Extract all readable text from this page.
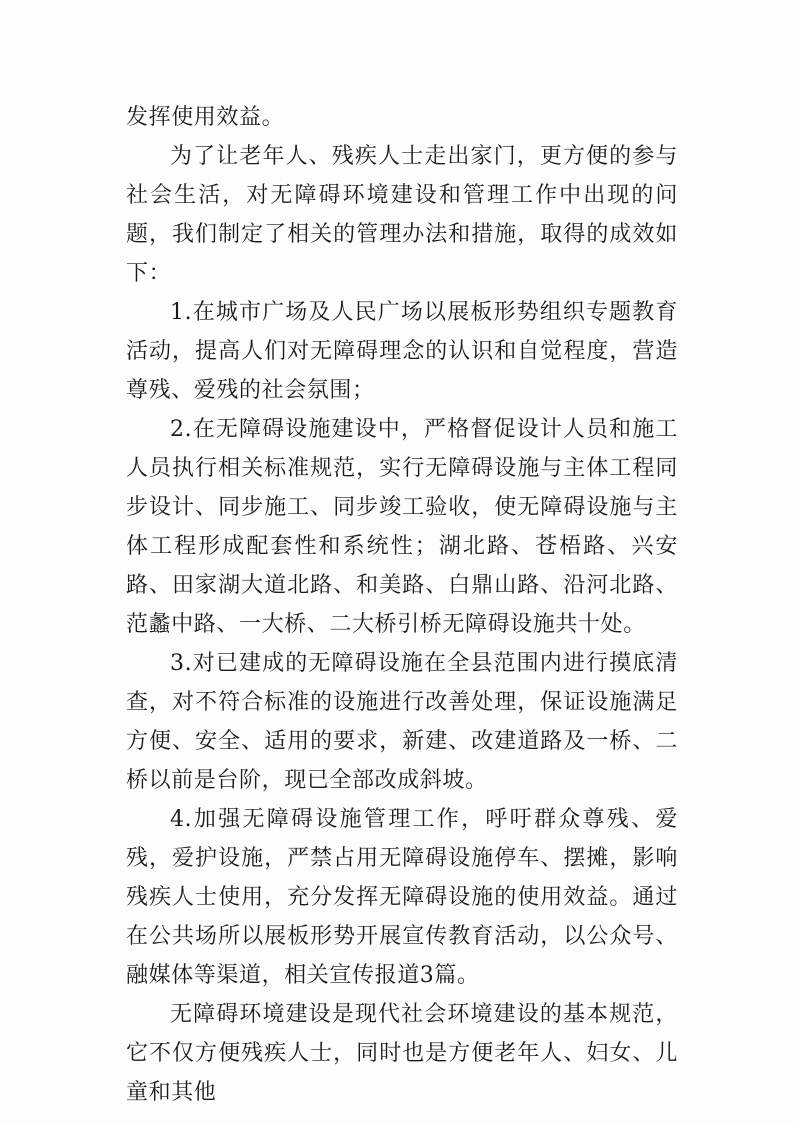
发挥使用效益。

为了让老年人、残疾人士走出家门，更方便的参与社会生活，对无障碍环境建设和管理工作中出现的问题，我们制定了相关的管理办法和措施，取得的成效如下：

1.在城市广场及人民广场以展板形势组织专题教育活动，提高人们对无障碍理念的认识和自觉程度，营造尊残、爱残的社会氛围；

2.在无障碍设施建设中，严格督促设计人员和施工人员执行相关标准规范，实行无障碍设施与主体工程同步设计、同步施工、同步竣工验收，使无障碍设施与主体工程形成配套性和系统性；湖北路、苍梧路、兴安路、田家湖大道北路、和美路、白鼎山路、沿河北路、范蠡中路、一大桥、二大桥引桥无障碍设施共十处。

3.对已建成的无障碍设施在全县范围内进行摸底清查，对不符合标准的设施进行改善处理，保证设施满足方便、安全、适用的要求，新建、改建道路及一桥、二桥以前是台阶，现已全部改成斜坡。

4.加强无障碍设施管理工作，呼吁群众尊残、爱残，爱护设施，严禁占用无障碍设施停车、摆摊，影响残疾人士使用，充分发挥无障碍设施的使用效益。通过在公共场所以展板形势开展宣传教育活动，以公众号、融媒体等渠道，相关宣传报道3篇。

无障碍环境建设是现代社会环境建设的基本规范，它不仅方便残疾人士，同时也是方便老年人、妇女、儿童和其他
